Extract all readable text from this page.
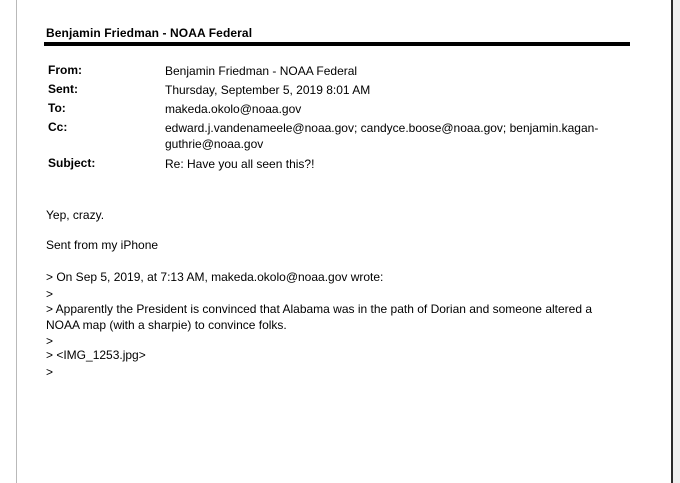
Benjamin Friedman - NOAA Federal
From:	Benjamin Friedman - NOAA Federal
Sent:	Thursday, September 5, 2019 8:01 AM
To:	makeda.okolo@noaa.gov
Cc:	edward.j.vandenameele@noaa.gov; candyce.boose@noaa.gov; benjamin.kagan-
guthrie@noaa.gov
Subject:	Re: Have you all seen this?!
Yep, crazy.
Sent from my iPhone
> On Sep 5, 2019, at 7:13 AM, makeda.okolo@noaa.gov wrote:
>
> Apparently the President is convinced that Alabama was in the path of Dorian and someone altered a
NOAA map (with a sharpie) to convince folks.
>
> <IMG_1253.jpg>
>
